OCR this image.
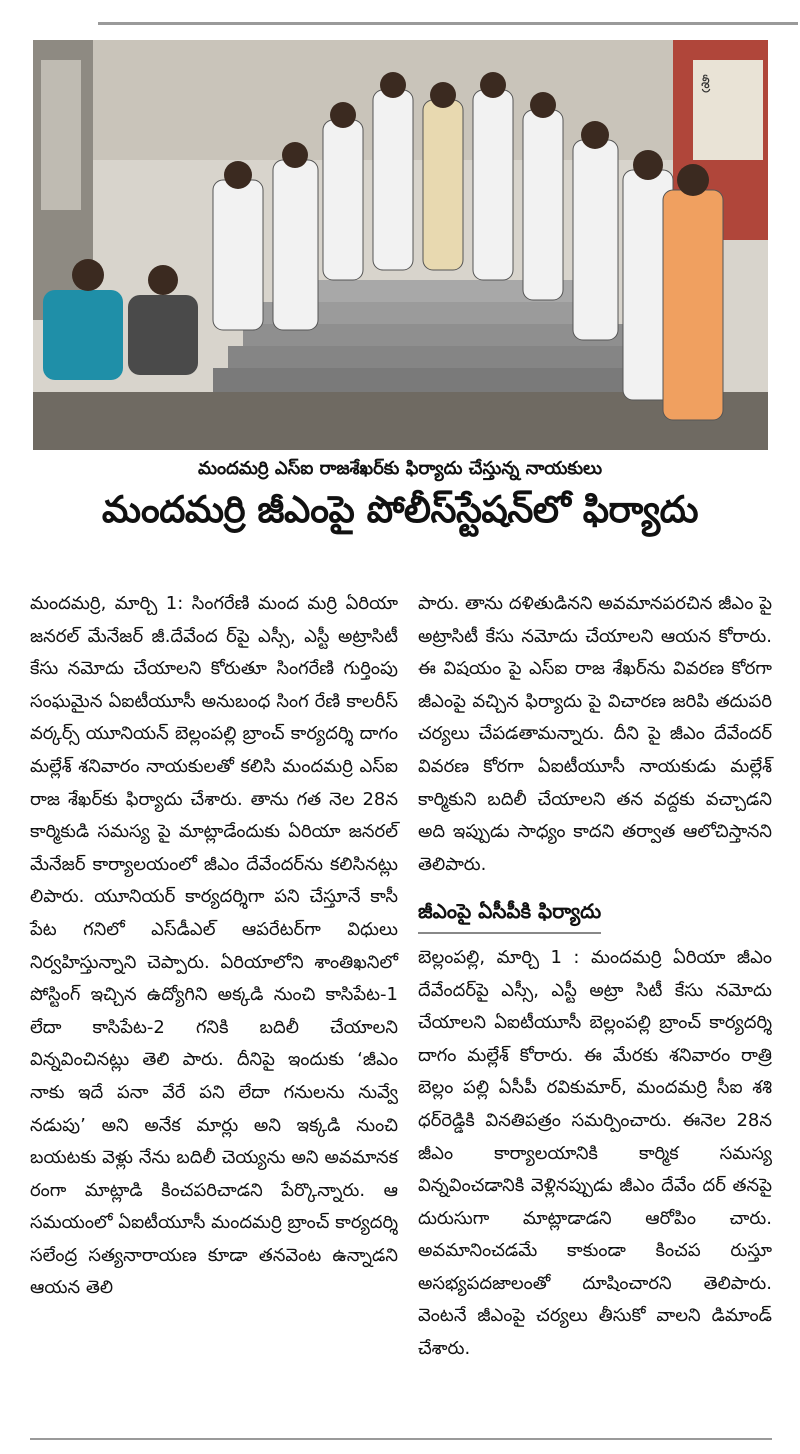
శ్రీ
మందమర్రి ఎస్ఐ రాజశేఖర్‌కు ఫిర్యాదు చేస్తున్న నాయకులు
మందమర్రి జీఎంపై పోలీస్‌స్టేషన్‌లో ఫిర్యాదు

మందమర్రి, మార్చి 1: సింగరేణి మంద మర్రి ఏరియా జనరల్ మేనేజర్ జీ.దేవేంద ర్‌పై ఎస్సీ, ఎస్టీ అట్రాసిటీ కేసు నమోదు చేయాలని కోరుతూ సింగరేణి గుర్తింపు సంఘమైన ఏఐటీయూసీ అనుబంధ సింగ రేణి కాలరీస్ వర్కర్స్ యూనియన్ బెల్లంపల్లి బ్రాంచ్ కార్యదర్శి దాగం మల్లేశ్ శనివారం నాయకులతో కలిసి మందమర్రి ఎస్ఐ రాజ శేఖర్‌కు ఫిర్యాదు చేశారు. తాను గత నెల 28న కార్మికుడి సమస్య పై మాట్లాడేందుకు ఏరియా జనరల్ మేనేజర్ కార్యాలయంలో జీఎం దేవేందర్‌ను కలిసినట్లు లిపారు. యూనియర్ కార్యదర్శిగా పని చేస్తూనే కాసీ పేట గనిలో ఎస్‌డీఎల్ ఆపరేటర్‌గా విధులు నిర్వహిస్తున్నాని చెప్పారు. ఏరియాలోని శాంతిఖనిలో పోస్టింగ్ ఇచ్చిన ఉద్యోగిని అక్కడి నుంచి కాసిపేట-1 లేదా కాసిపేట-2 గనికి బదిలీ చేయాలని విన్నవించినట్లు తెలి పారు. దీనిపై ఇందుకు ‘జీఎం నాకు ఇదే పనా వేరే పని లేదా గనులను నువ్వే నడుపు’ అని అనేక మార్లు అని ఇక్కడి నుంచి బయటకు వెళ్లు నేను బదిలీ చెయ్యను అని అవమానక రంగా మాట్లాడి కించపరిచాడని పేర్కొన్నారు. ఆ సమయంలో ఏఐటీయూసీ మందమర్రి బ్రాంచ్ కార్యదర్శి సలేంద్ర సత్యనారాయణ కూడా తనవెంట ఉన్నాడని ఆయన తెలి

పారు. తాను దళితుడినని అవమానపరచిన జీఎం పై అట్రాసిటీ కేసు నమోదు చేయాలని ఆయన కోరారు. ఈ విషయం పై ఎస్ఐ రాజ శేఖర్‌ను వివరణ కోరగా జీఎంపై వచ్చిన ఫిర్యాదు పై విచారణ జరిపి తదుపరి చర్యలు చేపడతామన్నారు. దీని పై జీఎం దేవేందర్ వివరణ కోరగా ఏఐటీయూసీ నాయకుడు మల్లేశ్ కార్మికుని బదిలీ చేయాలని తన వద్దకు వచ్చాడని అది ఇప్పుడు సాధ్యం కాదని తర్వాత ఆలోచిస్తానని తెలిపారు.

జీఎంపై ఏసీపీకి ఫిర్యాదు

బెల్లంపల్లి, మార్చి 1 : మందమర్రి ఏరియా జీఎం దేవేందర్‌పై ఎస్సీ, ఎస్టీ అట్రా సిటీ కేసు నమోదు చేయాలని ఏఐటీయూసీ బెల్లంపల్లి బ్రాంచ్ కార్యదర్శి దాగం మల్లేశ్ కోరారు. ఈ మేరకు శనివారం రాత్రి బెల్లం పల్లి ఏసీపీ రవికుమార్, మందమర్రి సీఐ శశి ధర్‌రెడ్డికి వినతిపత్రం సమర్పించారు. ఈనెల 28న జీఎం కార్యాలయానికి కార్మిక సమస్య విన్నవించడానికి వెళ్లినప్పుడు జీఎం దేవేం దర్ తనపై దురుసుగా మాట్లాడాడని ఆరోపిం చారు. అవమానించడమే కాకుండా కించప రుస్తూ అసభ్యపదజాలంతో దూషించారని తెలిపారు. వెంటనే జీఎంపై చర్యలు తీసుకో వాలని డిమాండ్ చేశారు.
